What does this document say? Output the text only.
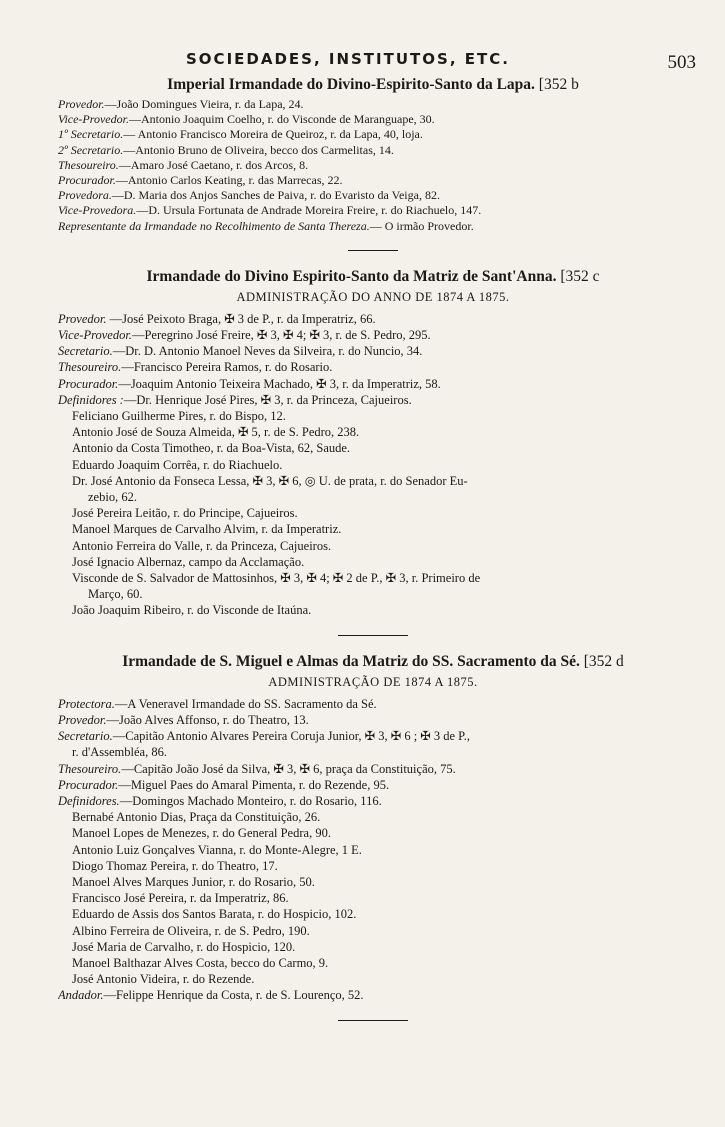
SOCIEDADES, INSTITUTOS, ETC.	503
Imperial Irmandade do Divino-Espirito-Santo da Lapa. [352 b
Provedor.—João Domingues Vieira, r. da Lapa, 24.
Vice-Provedor.—Antonio Joaquim Coelho, r. do Visconde de Maranguape, 30.
1º Secretario.— Antonio Francisco Moreira de Queiroz, r. da Lapa, 40, loja.
2º Secretario.—Antonio Bruno de Oliveira, becco dos Carmelitas, 14.
Thesoureiro.—Amaro José Caetano, r. dos Arcos, 8.
Procurador.—Antonio Carlos Keating, r. das Marrecas, 22.
Provedora.—D. Maria dos Anjos Sanches de Paiva, r. do Evaristo da Veiga, 82.
Vice-Provedora.—D. Ursula Fortunata de Andrade Moreira Freire, r. do Riachuelo, 147.
Representante da Irmandade no Recolhimento de Santa Thereza.— O irmão Provedor.
Irmandade do Divino Espirito-Santo da Matriz de Sant'Anna. [352 c
ADMINISTRAÇÃO DO ANNO DE 1874 A 1875.
Provedor. —José Peixoto Braga, ✠ 3 de P., r. da Imperatriz, 66.
Vice-Provedor.—Peregrino José Freire, ✠ 3, ✠ 4; ✠ 3, r. de S. Pedro, 295.
Secretario.—Dr. D. Antonio Manoel Neves da Silveira, r. do Nuncio, 34.
Thesoureiro.—Francisco Pereira Ramos, r. do Rosario.
Procurador.—Joaquim Antonio Teixeira Machado, ✠ 3, r. da Imperatriz, 58.
Definidores :—Dr. Henrique José Pires, ✠ 3, r. da Princeza, Cajueiros.
Feliciano Guilherme Pires, r. do Bispo, 12.
Antonio José de Souza Almeida, ✠ 5, r. de S. Pedro, 238.
Antonio da Costa Timotheo, r. da Boa-Vista, 62, Saude.
Eduardo Joaquim Corrêa, r. do Riachuelo.
Dr. José Antonio da Fonseca Lessa, ✠ 3, ✠ 6, ◎ U. de prata, r. do Senador Eu-
zebio, 62.
José Pereira Leitão, r. do Principe, Cajueiros.
Manoel Marques de Carvalho Alvim, r. da Imperatriz.
Antonio Ferreira do Valle, r. da Princeza, Cajueiros.
José Ignacio Albernaz, campo da Acclamação.
Visconde de S. Salvador de Mattosinhos, ✠ 3, ✠ 4; ✠ 2 de P., ✠ 3, r. Primeiro de
Março, 60.
João Joaquim Ribeiro, r. do Visconde de Itaúna.
Irmandade de S. Miguel e Almas da Matriz do SS. Sacramento da Sé. [352 d
ADMINISTRAÇÃO DE 1874 A 1875.
Protectora.—A Veneravel Irmandade do SS. Sacramento da Sé.
Provedor.—João Alves Affonso, r. do Theatro, 13.
Secretario.—Capitão Antonio Alvares Pereira Coruja Junior, ✠ 3, ✠ 6 ; ✠ 3 de P.,
r. d'Assembléa, 86.
Thesoureiro.—Capitão João José da Silva, ✠ 3, ✠ 6, praça da Constituição, 75.
Procurador.—Miguel Paes do Amaral Pimenta, r. do Rezende, 95.
Definidores.—Domingos Machado Monteiro, r. do Rosario, 116.
Bernabé Antonio Dias, Praça da Constituição, 26.
Manoel Lopes de Menezes, r. do General Pedra, 90.
Antonio Luiz Gonçalves Vianna, r. do Monte-Alegre, 1 E.
Diogo Thomaz Pereira, r. do Theatro, 17.
Manoel Alves Marques Junior, r. do Rosario, 50.
Francisco José Pereira, r. da Imperatriz, 86.
Eduardo de Assis dos Santos Barata, r. do Hospicio, 102.
Albino Ferreira de Oliveira, r. de S. Pedro, 190.
José Maria de Carvalho, r. do Hospicio, 120.
Manoel Balthazar Alves Costa, becco do Carmo, 9.
José Antonio Videira, r. do Rezende.
Andador.—Felippe Henrique da Costa, r. de S. Lourenço, 52.
